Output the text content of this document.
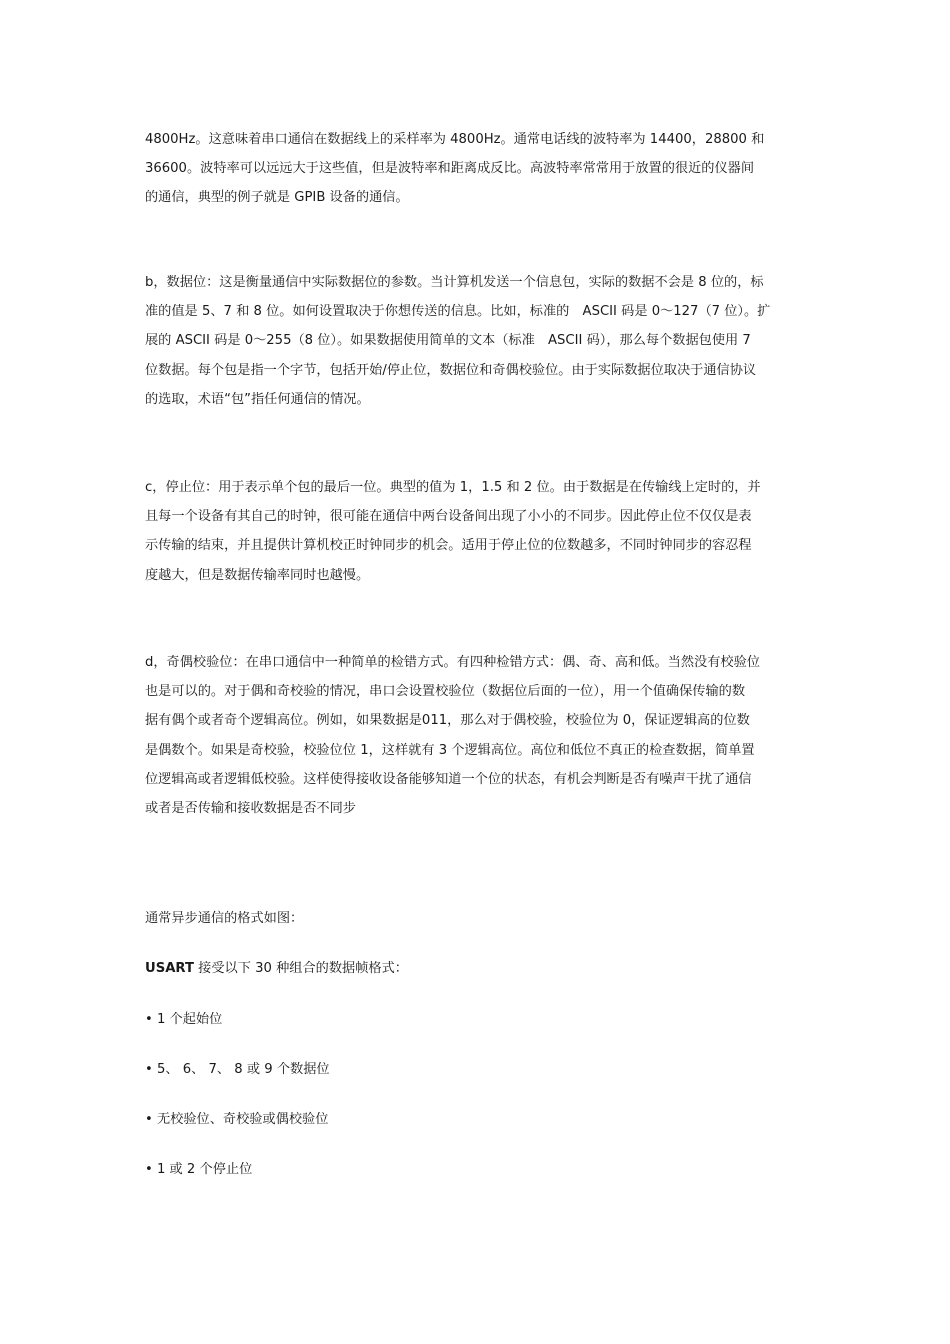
4800Hz。这意味着串口通信在数据线上的采样率为 4800Hz。通常电话线的波特率为 14400，28800 和

36600。波特率可以远远大于这些值，但是波特率和距离成反比。高波特率常常用于放置的很近的仪器间

的通信，典型的例子就是 GPIB 设备的通信。

b，数据位：这是衡量通信中实际数据位的参数。当计算机发送一个信息包，实际的数据不会是 8 位的，标

准的值是 5、7 和 8 位。如何设置取决于你想传送的信息。比如，标准的　ASCII 码是 0～127（7 位）。扩

展的 ASCII 码是 0～255（8 位）。如果数据使用简单的文本（标准　ASCII 码），那么每个数据包使用 7

位数据。每个包是指一个字节，包括开始/停止位，数据位和奇偶校验位。由于实际数据位取决于通信协议

的选取，术语“包”指任何通信的情况。

c，停止位：用于表示单个包的最后一位。典型的值为 1，1.5 和 2 位。由于数据是在传输线上定时的，并

且每一个设备有其自己的时钟，很可能在通信中两台设备间出现了小小的不同步。因此停止位不仅仅是表

示传输的结束，并且提供计算机校正时钟同步的机会。适用于停止位的位数越多，不同时钟同步的容忍程

度越大，但是数据传输率同时也越慢。

d，奇偶校验位：在串口通信中一种简单的检错方式。有四种检错方式：偶、奇、高和低。当然没有校验位

也是可以的。对于偶和奇校验的情况，串口会设置校验位（数据位后面的一位），用一个值确保传输的数

据有偶个或者奇个逻辑高位。例如，如果数据是011，那么对于偶校验，校验位为 0，保证逻辑高的位数

是偶数个。如果是奇校验，校验位位 1，这样就有 3 个逻辑高位。高位和低位不真正的检查数据，简单置

位逻辑高或者逻辑低校验。这样使得接收设备能够知道一个位的状态，有机会判断是否有噪声干扰了通信

或者是否传输和接收数据是否不同步

通常异步通信的格式如图：

USART 接受以下 30 种组合的数据帧格式：

• 1 个起始位

• 5、 6、 7、 8 或 9 个数据位

• 无校验位、奇校验或偶校验位

• 1 或 2 个停止位
